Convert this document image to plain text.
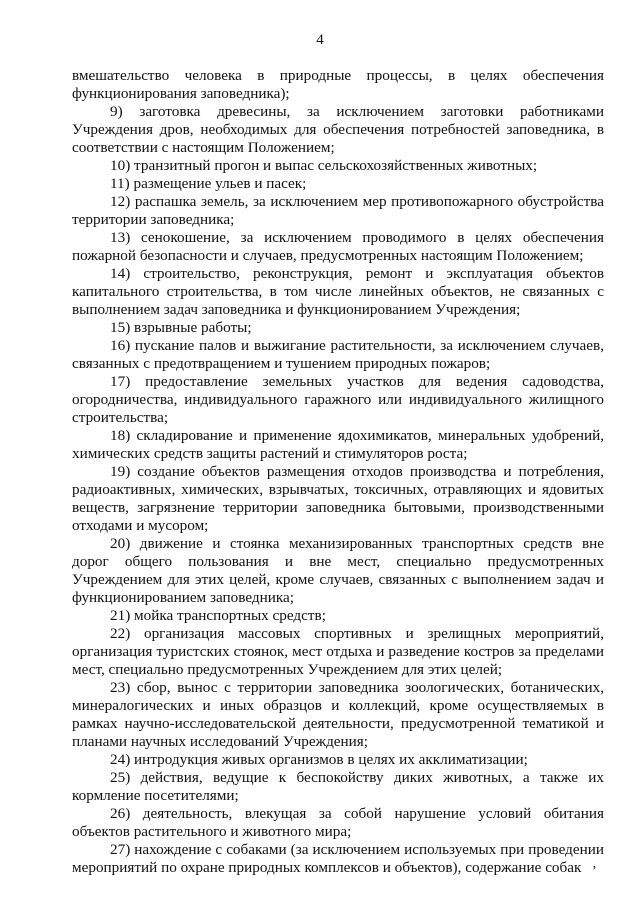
4

вмешательство человека в природные процессы, в целях обеспечения функционирования заповедника);

9) заготовка древесины, за исключением заготовки работниками Учреждения дров, необходимых для обеспечения потребностей заповедника, в соответствии с настоящим Положением;

10) транзитный прогон и выпас сельскохозяйственных животных;

11) размещение ульев и пасек;

12) распашка земель, за исключением мер противопожарного обустройства территории заповедника;

13) сенокошение, за исключением проводимого в целях обеспечения пожарной безопасности и случаев, предусмотренных настоящим Положением;

14) строительство, реконструкция, ремонт и эксплуатация объектов капитального строительства, в том числе линейных объектов, не связанных с выполнением задач заповедника и функционированием Учреждения;

15) взрывные работы;

16) пускание палов и выжигание растительности, за исключением случаев, связанных с предотвращением и тушением природных пожаров;

17) предоставление земельных участков для ведения садоводства, огородничества, индивидуального гаражного или индивидуального жилищного строительства;

18) складирование и применение ядохимикатов, минеральных удобрений, химических средств защиты растений и стимуляторов роста;

19) создание объектов размещения отходов производства и потребления, радиоактивных, химических, взрывчатых, токсичных, отравляющих и ядовитых веществ, загрязнение территории заповедника бытовыми, производственными отходами и мусором;

20) движение и стоянка механизированных транспортных средств вне дорог общего пользования и вне мест, специально предусмотренных Учреждением для этих целей, кроме случаев, связанных с выполнением задач и функционированием заповедника;

21) мойка транспортных средств;

22) организация массовых спортивных и зрелищных мероприятий, организация туристских стоянок, мест отдыха и разведение костров за пределами мест, специально предусмотренных Учреждением для этих целей;

23) сбор, вынос с территории заповедника зоологических, ботанических, минералогических и иных образцов и коллекций, кроме осуществляемых в рамках научно-исследовательской деятельности, предусмотренной тематикой и планами научных исследований Учреждения;

24) интродукция живых организмов в целях их акклиматизации;

25) действия, ведущие к беспокойству диких животных, а также их кормление посетителями;

26) деятельность, влекущая за собой нарушение условий обитания объектов растительного и животного мира;

27) нахождение с собаками (за исключением используемых при проведении мероприятий по охране природных комплексов и объектов), содержание собак ʼ
